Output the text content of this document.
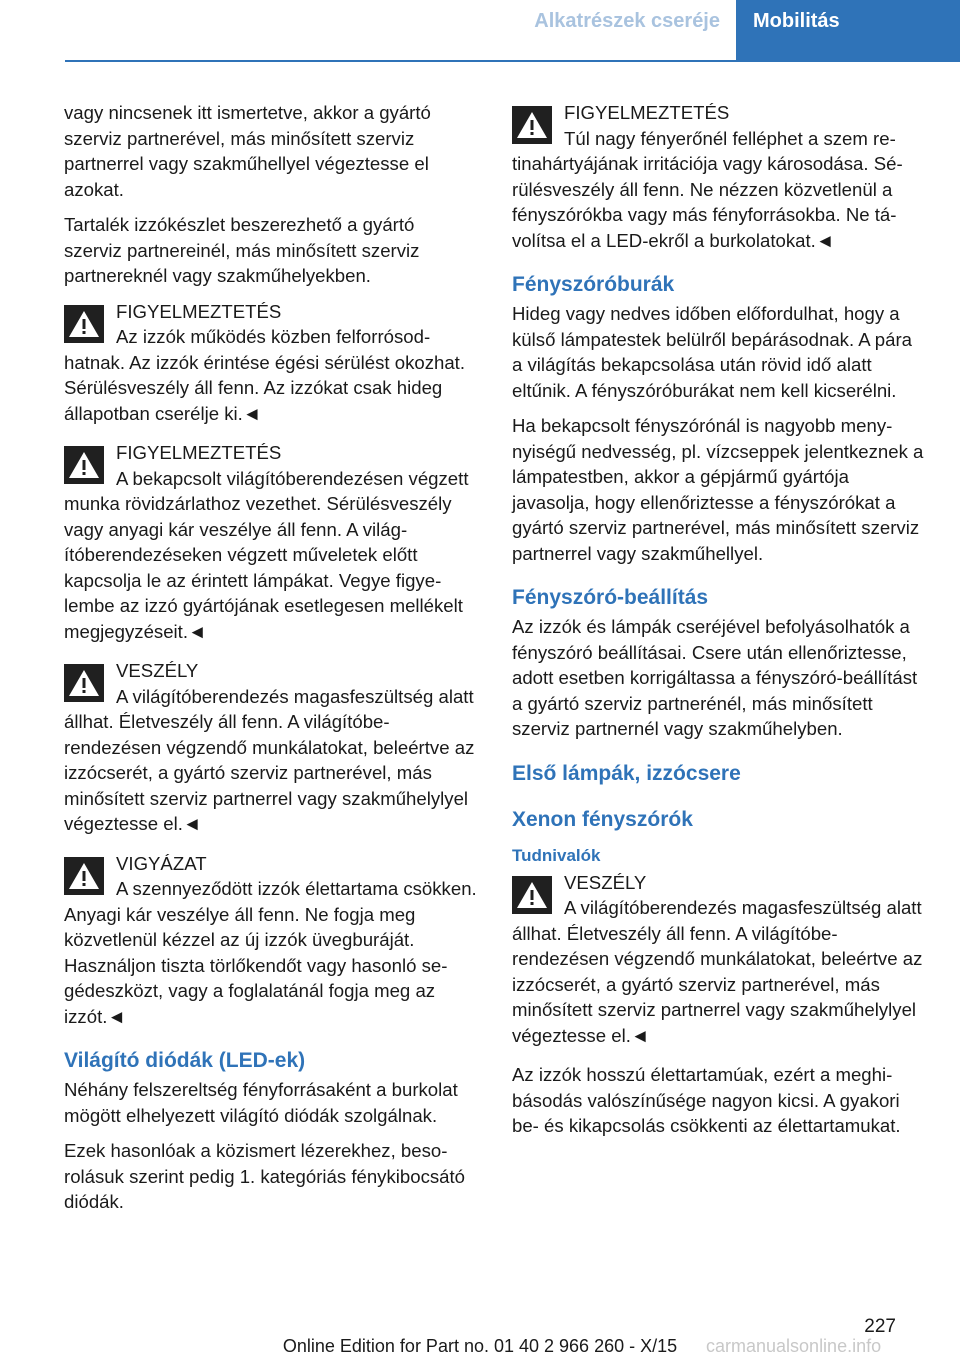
Alkatrészek cseréje	Mobilitás

vagy nincsenek itt ismertetve, akkor a gyártó szerviz partnerével, más minősített szerviz partnerrel vagy szakműhellyel végeztesse el azokat.

Tartalék izzókészlet beszerezhető a gyártó szerviz partnereinél, más minősített szerviz partnereknél vagy szakműhelyekben.

FIGYELMEZTETÉS
Az izzók működés közben felforrósodhatnak. Az izzók érintése égési sérülést okozhat. Sérülésveszély áll fenn. Az izzókat csak hideg állapotban cserélje ki.◄
FIGYELMEZTETÉS
A bekapcsolt világítóberendezésen végzett munka rövidzárlathoz vezethet. Sérülésveszély vagy anyagi kár veszélye áll fenn. A világítóberendezéseken végzett műveletek előtt kapcsolja le az érintett lámpákat. Vegye figyelembe az izzó gyártójának esetlegesen mellékelt megjegyzéseit.◄
VESZÉLY
A világítóberendezés magasfeszültség alatt állhat. Életveszély áll fenn. A világítóberendezésen végzendő munkálatokat, beleértve az izzócserét, a gyártó szerviz partnerével, más minősített szerviz partnerrel vagy szakműhelylyel végeztesse el.◄
VIGYÁZAT
A szennyeződött izzók élettartama csökken. Anyagi kár veszélye áll fenn. Ne fogja meg közvetlenül kézzel az új izzók üvegburáját. Használjon tiszta törlőkendőt vagy hasonló segédeszközt, vagy a foglalatánál fogja meg az izzót.◄
Világító diódák (LED-ek)

Néhány felszereltség fényforrásaként a burkolat mögött elhelyezett világító diódák szolgálnak.

Ezek hasonlóak a közismert lézerekhez, besorolásuk szerint pedig 1. kategóriás fénykibocsátó diódák.

FIGYELMEZTETÉS
Túl nagy fényerőnél felléphet a szem retinahártyájának irritációja vagy károsodása. Sérülésveszély áll fenn. Ne nézzen közvetlenül a fényszórókba vagy más fényforrásokba. Ne távolítsa el a LED-ekről a burkolatokat.◄
Fényszóróburák

Hideg vagy nedves időben előfordulhat, hogy a külső lámpatestek belülről bepárásodnak. A pára a világítás bekapcsolása után rövid idő alatt eltűnik. A fényszóróburákat nem kell kicserélni.

Ha bekapcsolt fényszórónál is nagyobb menynyiségű nedvesség, pl. vízcseppek jelentkeznek a lámpatestben, akkor a gépjármű gyártója javasolja, hogy ellenőriztesse a fényszórókat a gyártó szerviz partnerével, más minősített szerviz partnerrel vagy szakműhellyel.

Fényszóró-beállítás

Az izzók és lámpák cseréjével befolyásolhatók a fényszóró beállításai. Csere után ellenőriztesse, adott esetben korrigáltassa a fényszóró-beállítást a gyártó szerviz partnerénél, más minősített szerviz partnernél vagy szakműhelyben.

Első lámpák, izzócsere
Xenon fényszórók
Tudnivalók
VESZÉLY
A világítóberendezés magasfeszültség alatt állhat. Életveszély áll fenn. A világítóberendezésen végzendő munkálatokat, beleértve az izzócserét, a gyártó szerviz partnerével, más minősített szerviz partnerrel vagy szakműhelylyel végeztesse el.◄

Az izzók hosszú élettartamúak, ezért a meghibásodás valószínűsége nagyon kicsi. A gyakori be- és kikapcsolás csökkenti az élettartamukat.

227
Online Edition for Part no. 01 40 2 966 260 - X/15	carmanualsonline.info
